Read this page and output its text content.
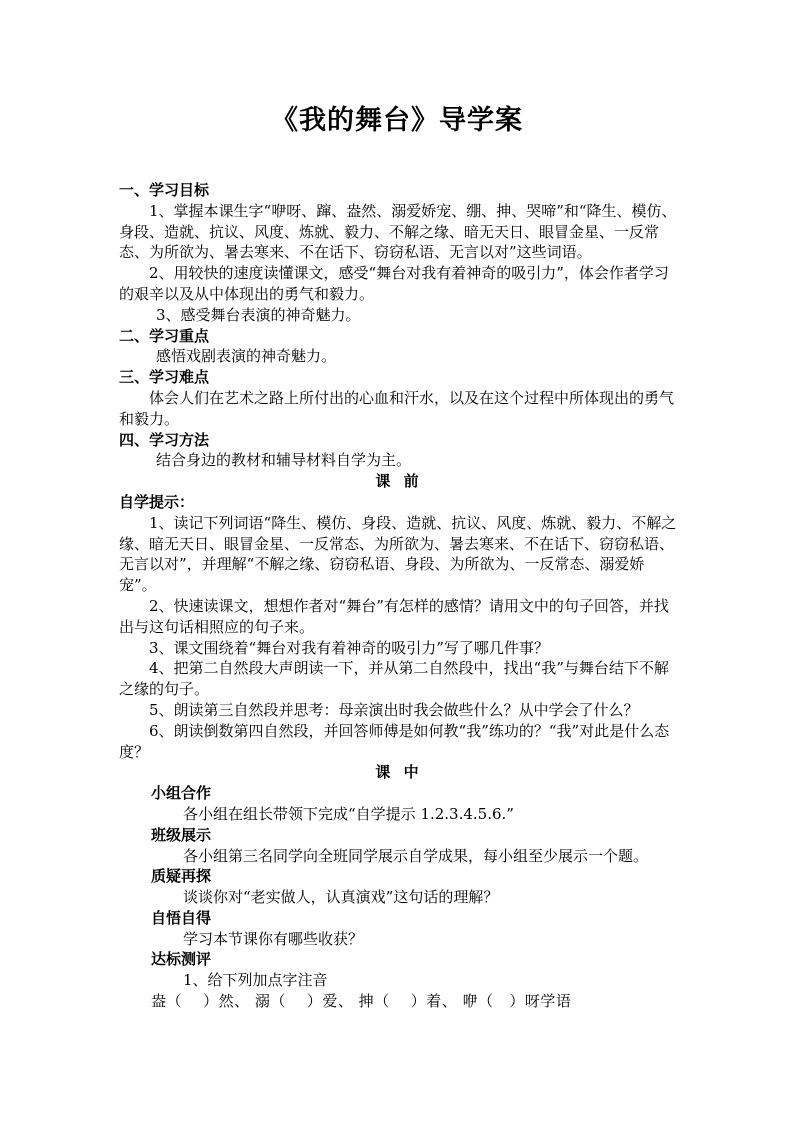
《我的舞台》导学案

一、学习目标

1、掌握本课生字“咿呀、蹿、盎然、溺爱娇宠、绷、抻、哭啼”和“降生、模仿、身段、造就、抗议、风度、炼就、毅力、不解之缘、暗无天日、眼冒金星、一反常态、为所欲为、暑去寒来、不在话下、窃窃私语、无言以对”这些词语。

2、用较快的速度读懂课文，感受“舞台对我有着神奇的吸引力”，体会作者学习的艰辛以及从中体现出的勇气和毅力。

3、感受舞台表演的神奇魅力。

二、学习重点

感悟戏剧表演的神奇魅力。

三、学习难点

体会人们在艺术之路上所付出的心血和汗水，以及在这个过程中所体现出的勇气和毅力。

四、学习方法

结合身边的教材和辅导材料自学为主。

课 前

自学提示：

1、读记下列词语“降生、模仿、身段、造就、抗议、风度、炼就、毅力、不解之缘、暗无天日、眼冒金星、一反常态、为所欲为、暑去寒来、不在话下、窃窃私语、无言以对”，并理解“不解之缘、窃窃私语、身段、为所欲为、一反常态、溺爱娇宠”。

2、快速读课文，想想作者对“舞台”有怎样的感情？请用文中的句子回答，并找出与这句话相照应的句子来。

3、课文围绕着“舞台对我有着神奇的吸引力”写了哪几件事？

4、把第二自然段大声朗读一下，并从第二自然段中，找出“我”与舞台结下不解之缘的句子。

5、朗读第三自然段并思考：母亲演出时我会做些什么？从中学会了什么？

6、朗读倒数第四自然段，并回答师傅是如何教“我”练功的？“我”对此是什么态度？

课 中

小组合作

各小组在组长带领下完成“自学提示 1.2.3.4.5.6.”

班级展示

各小组第三名同学向全班同学展示自学成果，每小组至少展示一个题。

质疑再探

谈谈你对“老实做人，认真演戏”这句话的理解？

自悟自得

学习本节课你有哪些收获？

达标测评

1、给下列加点字注音

盎（    ）然、 溺（    ）爱、 抻（    ）着、 咿（   ）呀学语
